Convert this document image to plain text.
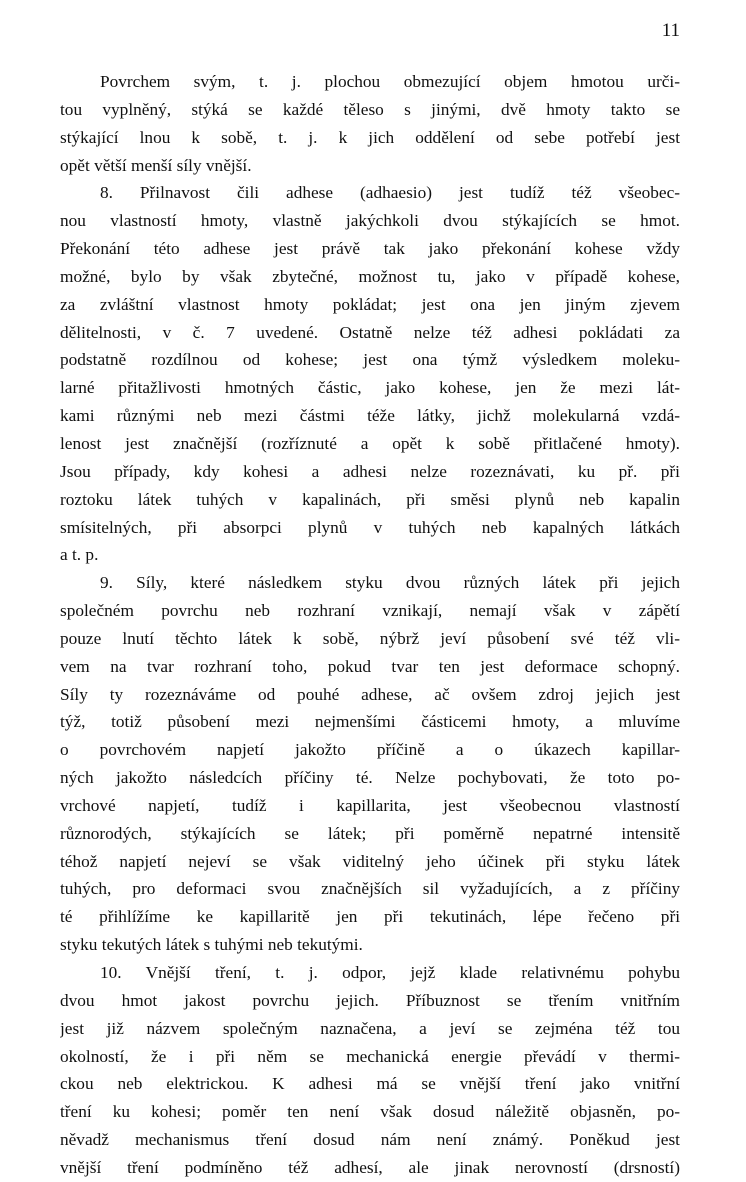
11
Povrchem svým, t. j. plochou obmezující objem hmotou urči-
tou vyplněný, stýká se každé těleso s jinými, dvě hmoty takto se
stýkající lnou k sobě, t. j. k jich oddělení od sebe potřebí jest
opět větší menší síly vnější.
8. Přilnavost čili adhese (adhaesio) jest tudíž též všeobec-
nou vlastností hmoty, vlastně jakýchkoli dvou stýkajících se hmot.
Překonání této adhese jest právě tak jako překonání kohese vždy
možné, bylo by však zbytečné, možnost tu, jako v případě kohese,
za zvláštní vlastnost hmoty pokládat; jest ona jen jiným zjevem
dělitelnosti, v č. 7 uvedené. Ostatně nelze též adhesi pokládati za
podstatně rozdílnou od kohese; jest ona týmž výsledkem moleku-
larné přitažlivosti hmotných částic, jako kohese, jen že mezi lát-
kami různými neb mezi částmi téže látky, jichž molekularná vzdá-
lenost jest značnější (rozříznuté a opět k sobě přitlačené hmoty).
Jsou případy, kdy kohesi a adhesi nelze rozeznávati, ku př. při
roztoku látek tuhých v kapalinách, při směsi plynů neb kapalin
smísitelných, při absorpci plynů v tuhých neb kapalných látkách
a t. p.
9. Síly, které následkem styku dvou různých látek při jejich
společném povrchu neb rozhraní vznikají, nemají však v zápětí
pouze lnutí těchto látek k sobě, nýbrž jeví působení své též vli-
vem na tvar rozhraní toho, pokud tvar ten jest deformace schopný.
Síly ty rozeznáváme od pouhé adhese, ač ovšem zdroj jejich jest
týž, totiž působení mezi nejmenšími částicemi hmoty, a mluvíme
o povrchovém napjetí jakožto příčině a o úkazech kapillar-
ných jakožto následcích příčiny té. Nelze pochybovati, že toto po-
vrchové napjetí, tudíž i kapillarita, jest všeobecnou vlastností
různorodých, stýkajících se látek; při poměrně nepatrné intensitě
téhož napjetí nejeví se však viditelný jeho účinek při styku látek
tuhých, pro deformaci svou značnějších sil vyžadujících, a z příčiny
té přihlížíme ke kapillaritě jen při tekutinách, lépe řečeno při
styku tekutých látek s tuhými neb tekutými.
10. Vnější tření, t. j. odpor, jejž klade relativnému pohybu
dvou hmot jakost povrchu jejich. Příbuznost se třením vnitřním
jest již názvem společným naznačena, a jeví se zejména též tou
okolností, že i při něm se mechanická energie převádí v thermi-
ckou neb elektrickou. K adhesi má se vnější tření jako vnitřní
tření ku kohesi; poměr ten není však dosud náležitě objasněn, po-
něvadž mechanismus tření dosud nám není známý. Poněkud jest
vnější tření podmíněno též adhesí, ale jinak nerovností (drsností)
